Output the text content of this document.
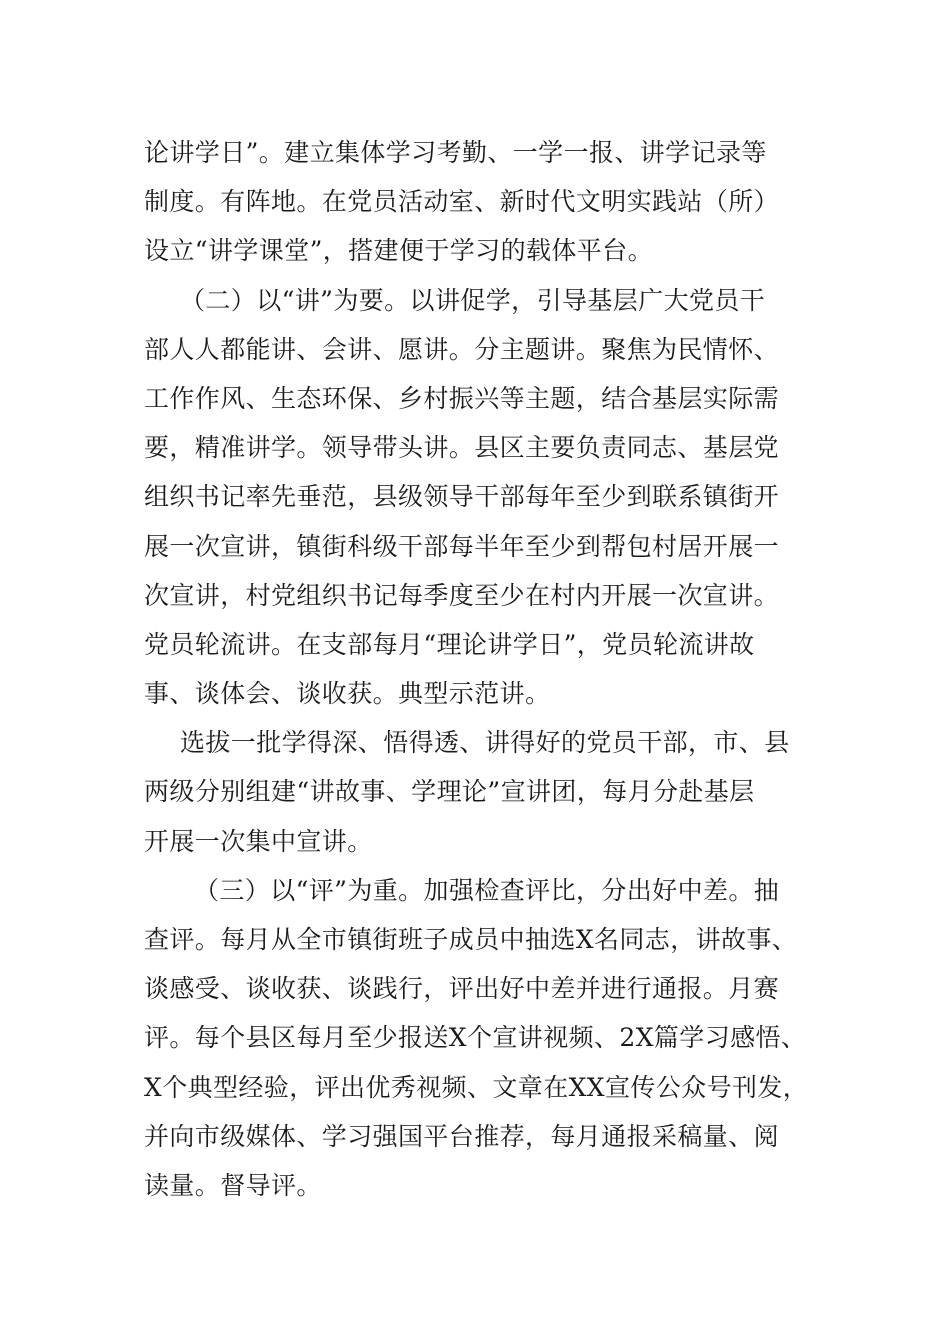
论讲学日”。建立集体学习考勤、一学一报、讲学记录等
制度。有阵地。在党员活动室、新时代文明实践站（所）
设立“讲学课堂”，搭建便于学习的载体平台。
（二）以“讲”为要。以讲促学，引导基层广大党员干
部人人都能讲、会讲、愿讲。分主题讲。聚焦为民情怀、
工作作风、生态环保、乡村振兴等主题，结合基层实际需
要，精准讲学。领导带头讲。县区主要负责同志、基层党
组织书记率先垂范，县级领导干部每年至少到联系镇街开
展一次宣讲，镇街科级干部每半年至少到帮包村居开展一
次宣讲，村党组织书记每季度至少在村内开展一次宣讲。
党员轮流讲。在支部每月“理论讲学日”，党员轮流讲故
事、谈体会、谈收获。典型示范讲。
选拔一批学得深、悟得透、讲得好的党员干部，市、县
两级分别组建“讲故事、学理论”宣讲团，每月分赴基层
开展一次集中宣讲。
（三）以“评”为重。加强检查评比，分出好中差。抽
查评。每月从全市镇街班子成员中抽选X名同志，讲故事、
谈感受、谈收获、谈践行，评出好中差并进行通报。月赛
评。每个县区每月至少报送X个宣讲视频、2X篇学习感悟、
X个典型经验，评出优秀视频、文章在XX宣传公众号刊发，
并向市级媒体、学习强国平台推荐，每月通报采稿量、阅
读量。督导评。
